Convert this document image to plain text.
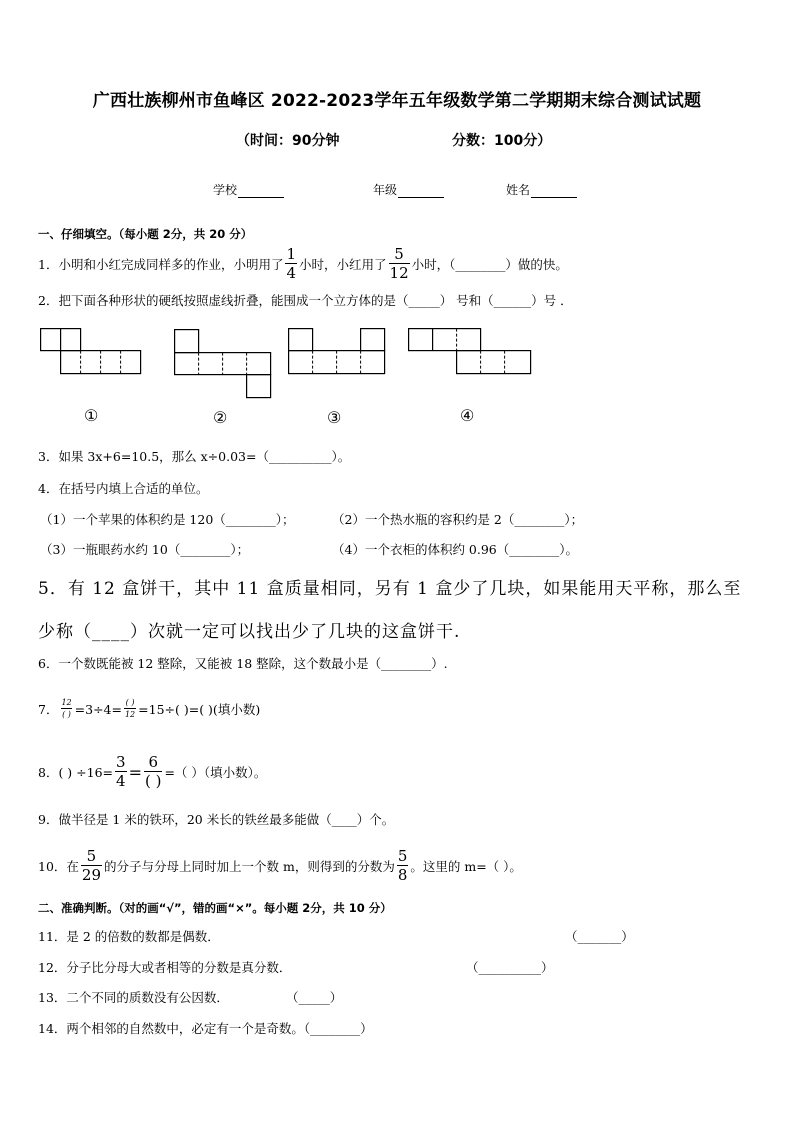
广西壮族柳州市鱼峰区 2022-2023学年五年级数学第二学期期末综合测试试题
（时间：90分钟	分数：100分）
学校	年级	姓名
一、仔细填空。（每小题 2分，共 20 分）
1．小明和小红完成同样多的作业，小明用了 $\frac{1}{4}$ 小时，小红用了 $\frac{5}{12}$ 小时，（________）做的快。
2．把下面各种形状的硬纸按照虚线折叠，能围成一个立方体的是（_____） 号和（______）号 ．
①	②	③	④
3．如果 3x+6=10.5，那么 x÷0.03=（__________）。
4．在括号内填上合适的单位。
（1）一个苹果的体积约是 120（________）；	（2）一个热水瓶的容积约是 2（________）；
（3）一瓶眼药水约 10（________）；	（4）一个衣柜的体积约 0.96（________）。
5．有 12 盒饼干，其中 11 盒质量相同，另有 1 盒少了几块，如果能用天平称，那么至
少称（____）次就一定可以找出少了几块的这盒饼干.
6．一个数既能被 12 整除，又能被 18 整除，这个数最小是（________）.
7． $\frac{12}{( )} =3\div 4= \frac{( )}{12} =15\div$( )=( )(填小数)
8．( ) $\div 16= \frac{3}{4} = \frac{6}{( )}$ =（ ）（填小数）。
9．做半径是 1 米的铁环，20 米长的铁丝最多能做（____）个。
10．在 $\frac{5}{29}$ 的分子与分母上同时加上一个数 m，则得到的分数为 $\frac{5}{8}$ 。这里的 m=（ ）。
二、准确判断。（对的画“√”，错的画“×”。每小题 2分，共 10 分）
11．是 2 的倍数的数都是偶数．	（_______）
12．分子比分母大或者相等的分数是真分数．	（__________）
13．二个不同的质数没有公因数．	（_____）
14．两个相邻的自然数中，必定有一个是奇数。（________）
